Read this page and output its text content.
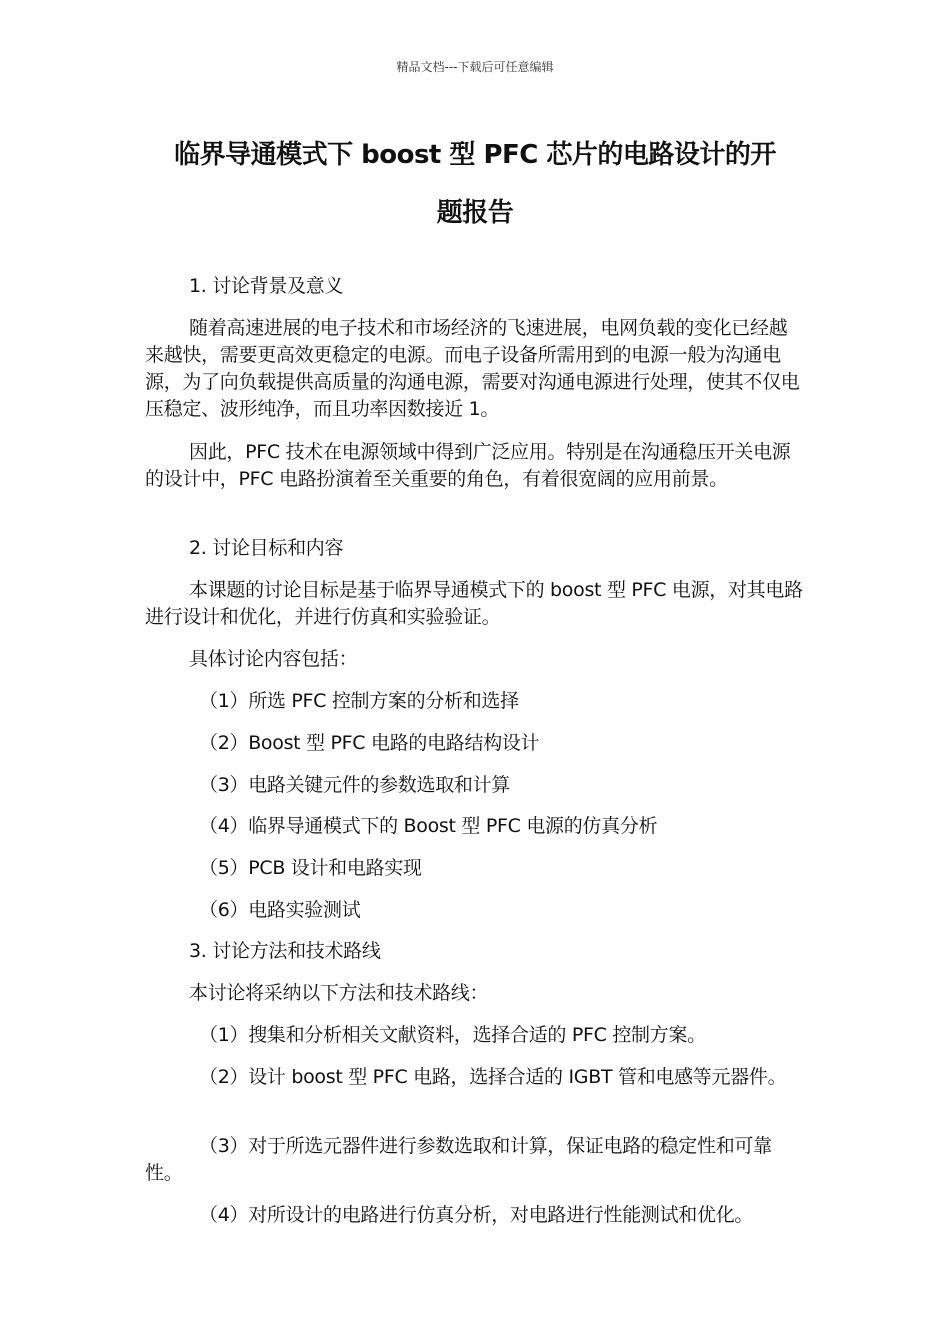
精品文档---下载后可任意编辑
临界导通模式下 boost 型 PFC 芯片的电路设计的开
题报告
1. 讨论背景及意义
随着高速进展的电子技术和市场经济的飞速进展，电网负载的变化已经越来越快，需要更高效更稳定的电源。而电子设备所需用到的电源一般为沟通电源，为了向负载提供高质量的沟通电源，需要对沟通电源进行处理，使其不仅电压稳定、波形纯净，而且功率因数接近 1。
因此，PFC 技术在电源领域中得到广泛应用。特别是在沟通稳压开关电源的设计中，PFC 电路扮演着至关重要的角色，有着很宽阔的应用前景。
2. 讨论目标和内容
本课题的讨论目标是基于临界导通模式下的 boost 型 PFC 电源，对其电路进行设计和优化，并进行仿真和实验验证。
具体讨论内容包括：
（1）所选 PFC 控制方案的分析和选择
（2）Boost 型 PFC 电路的电路结构设计
（3）电路关键元件的参数选取和计算
（4）临界导通模式下的 Boost 型 PFC 电源的仿真分析
（5）PCB 设计和电路实现
（6）电路实验测试
3. 讨论方法和技术路线
本讨论将采纳以下方法和技术路线：
（1）搜集和分析相关文献资料，选择合适的 PFC 控制方案。
（2）设计 boost 型 PFC 电路，选择合适的 IGBT 管和电感等元器件。
（3）对于所选元器件进行参数选取和计算，保证电路的稳定性和可靠性。
（4）对所设计的电路进行仿真分析，对电路进行性能测试和优化。
